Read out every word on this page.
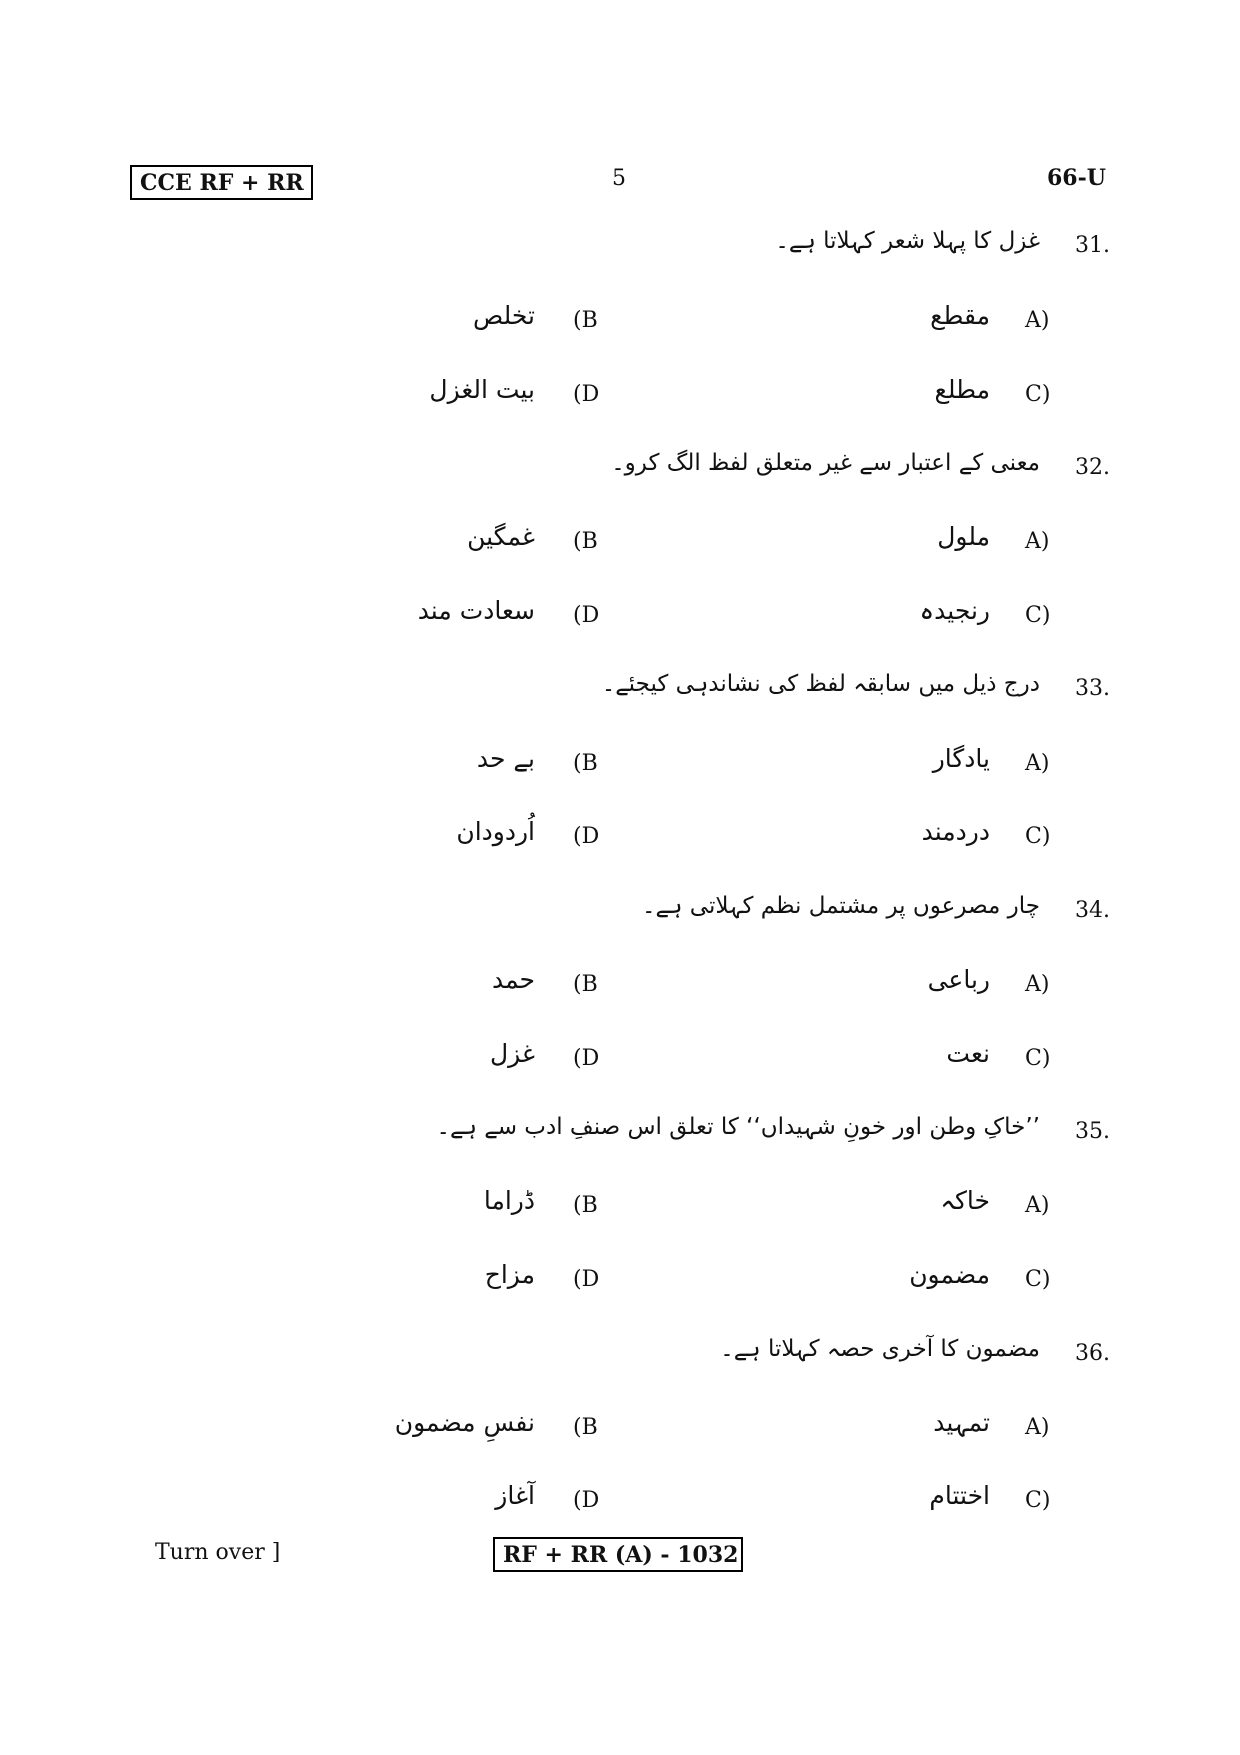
CCE RF + RR	5	66-U
31.
غزل کا پہلا شعر کہلاتا ہے۔
A)
مقطع
(B
تخلص
C)
مطلع
(D
بیت الغزل
32.
معنی کے اعتبار سے غیر متعلق لفظ الگ کرو۔
A)
ملول
(B
غمگین
C)
رنجیدہ
(D
سعادت مند
33.
درج ذیل میں سابقہ لفظ کی نشاندہی کیجئے۔
A)
یادگار
(B
بے حد
C)
دردمند
(D
اُردودان
34.
چار مصرعوں پر مشتمل نظم کہلاتی ہے۔
A)
رباعی
(B
حمد
C)
نعت
(D
غزل
35.
’’خاکِ وطن اور خونِ شہیداں‘‘ کا تعلق اس صنفِ ادب سے ہے۔
A)
خاکہ
(B
ڈراما
C)
مضمون
(D
مزاح
36.
مضمون کا آخری حصہ کہلاتا ہے۔
A)
تمہید
(B
نفسِ مضمون
C)
اختتام
(D
آغاز
Turn over ]	RF + RR (A) - 1032
